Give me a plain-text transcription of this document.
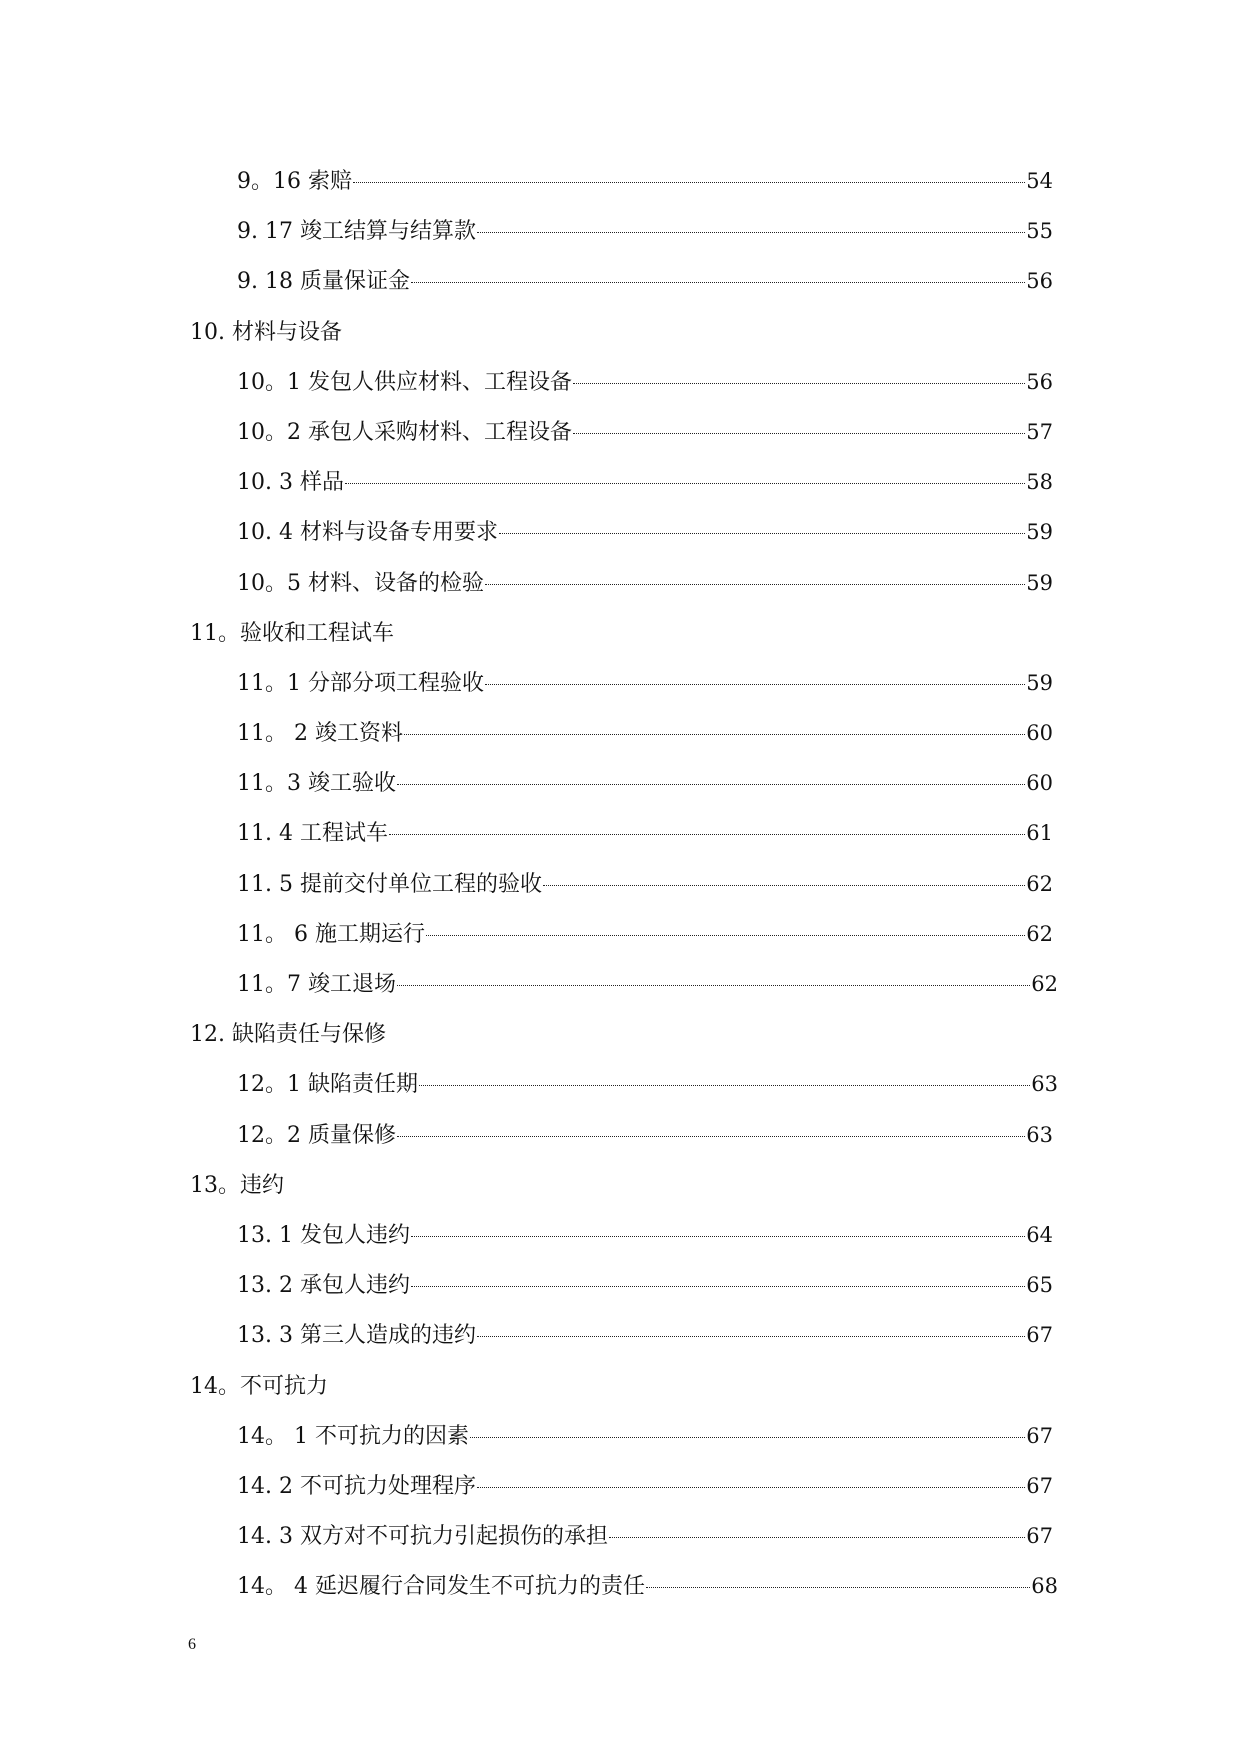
9。16 索赔	54
9. 17 竣工结算与结算款	55
9. 18 质量保证金	56
10. 材料与设备
10。1 发包人供应材料、工程设备	56
10。2 承包人采购材料、工程设备	57
10. 3 样品	58
10. 4 材料与设备专用要求	59
10。5 材料、设备的检验	59
11。验收和工程试车
11。1 分部分项工程验收	59
11。 2 竣工资料	60
11。3 竣工验收	60
11. 4 工程试车	61
11. 5 提前交付单位工程的验收	62
11。 6 施工期运行	62
11。7 竣工退场	62
12. 缺陷责任与保修
12。1 缺陷责任期	63
12。2 质量保修	63
13。违约
13. 1 发包人违约	64
13. 2 承包人违约	65
13. 3 第三人造成的违约	67
14。不可抗力
14。 1 不可抗力的因素	67
14. 2 不可抗力处理程序	67
14. 3 双方对不可抗力引起损伤的承担	67
14。 4 延迟履行合同发生不可抗力的责任	68
6
